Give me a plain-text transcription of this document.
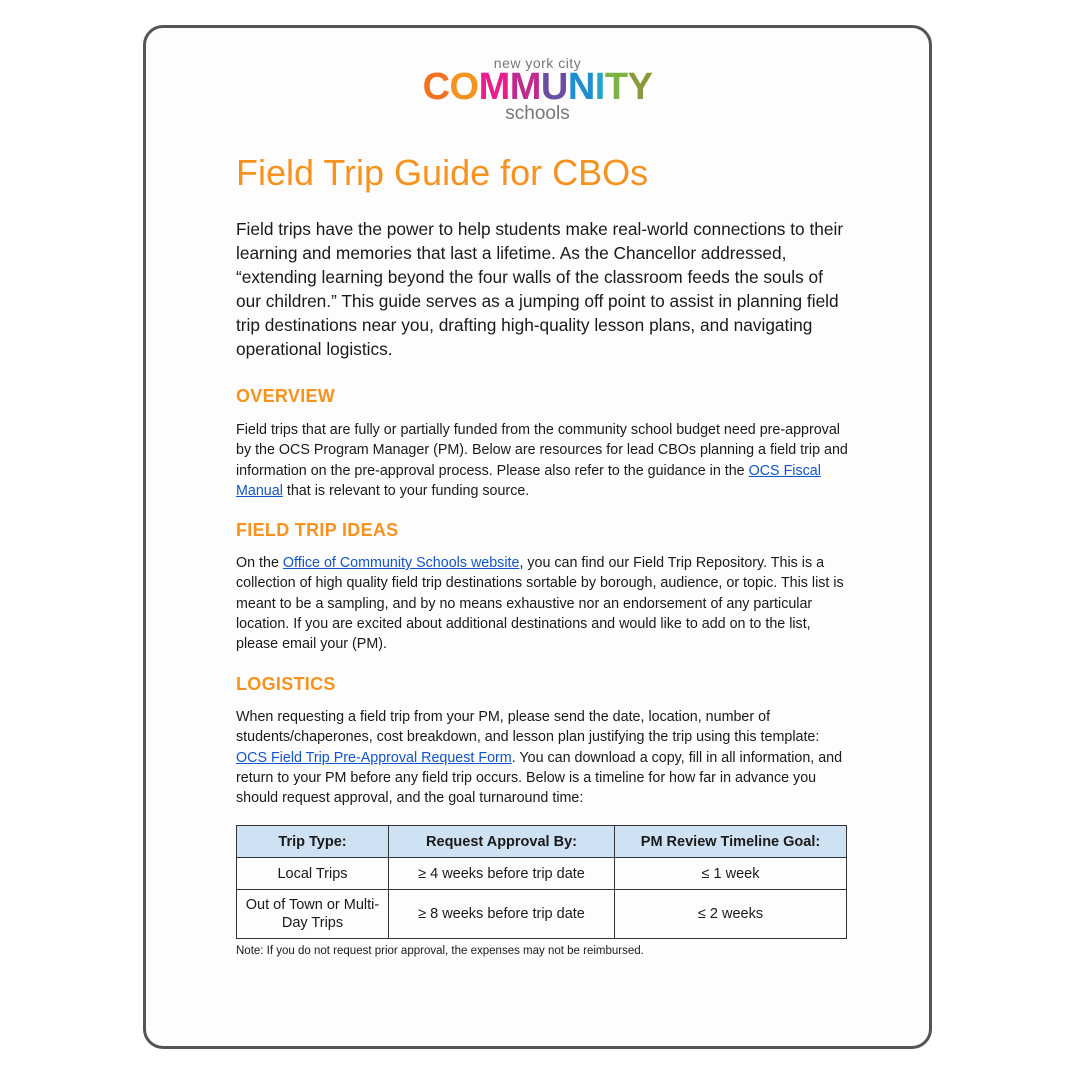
new york city
COMMUNITY
schools
Field Trip Guide for CBOs

Field trips have the power to help students make real-world connections to their learning and memories that last a lifetime. As the Chancellor addressed, “extending learning beyond the four walls of the classroom feeds the souls of our children.” This guide serves as a jumping off point to assist in planning field trip destinations near you, drafting high-quality lesson plans, and navigating operational logistics.

OVERVIEW

Field trips that are fully or partially funded from the community school budget need pre-approval by the OCS Program Manager (PM). Below are resources for lead CBOs planning a field trip and information on the pre-approval process. Please also refer to the guidance in the OCS Fiscal Manual that is relevant to your funding source.

FIELD TRIP IDEAS

On the Office of Community Schools website, you can find our Field Trip Repository. This is a collection of high quality field trip destinations sortable by borough, audience, or topic. This list is meant to be a sampling, and by no means exhaustive nor an endorsement of any particular location. If you are excited about additional destinations and would like to add on to the list, please email your (PM).

LOGISTICS

When requesting a field trip from your PM, please send the date, location, number of students/chaperones, cost breakdown, and lesson plan justifying the trip using this template: OCS Field Trip Pre-Approval Request Form. You can download a copy, fill in all information, and return to your PM before any field trip occurs. Below is a timeline for how far in advance you should request approval, and the goal turnaround time:

Trip Type:	Request Approval By:	PM Review Timeline Goal:
Local Trips	≥ 4 weeks before trip date	≤ 1 week
Out of Town or Multi-Day Trips	≥ 8 weeks before trip date	≤ 2 weeks

Note: If you do not request prior approval, the expenses may not be reimbursed.
